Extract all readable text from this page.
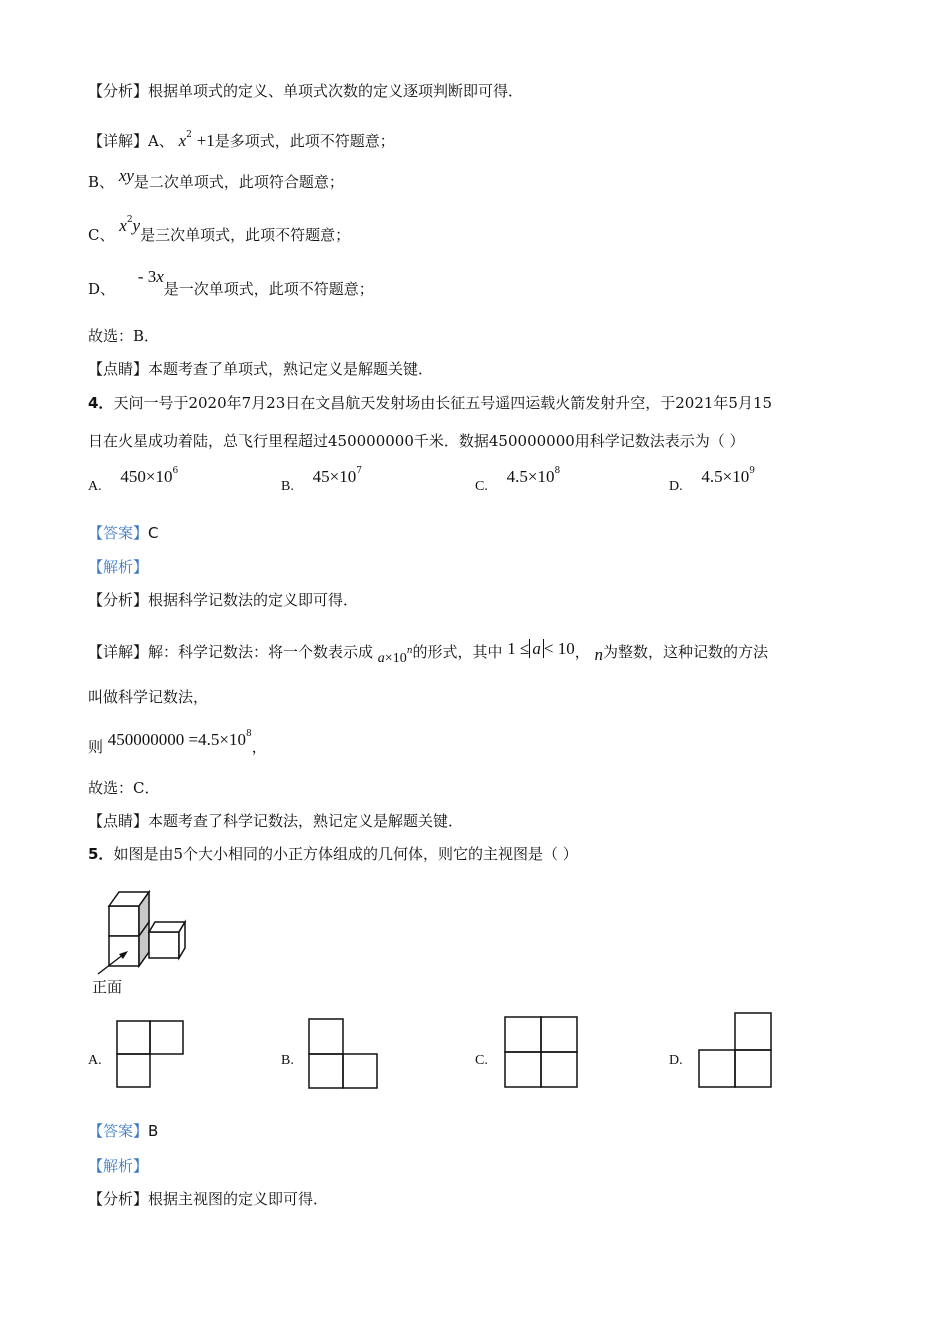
【分析】根据单项式的定义、单项式次数的定义逐项判断即可得．
【详解】A、 $x^2 +1$是多项式，此项不符题意；
B、 xy是二次单项式，此项符合题意；
C、 $x^2y$是三次单项式，此项不符题意；
D、 - 3x是一次单项式，此项不符题意；
故选：B．
【点睛】本题考查了单项式，熟记定义是解题关键．
4．天问一号于2020年7月23日在文昌航天发射场由长征五号遥四运载火箭发射升空，于2021年5月15
日在火星成功着陆，总飞行里程超过450000000千米．数据450000000用科学记数法表示为（ ）
A. $450\times 10^6$
B. $45\times 10^7$
C. $4.5\times 10^8$
D. $4.5\times 10^9$
【答案】C
【解析】
【分析】根据科学记数法的定义即可得．
【详解】解：科学记数法：将一个数表示成 $a\times 10^n$的形式，其中 1 ≤ a < 10， n为整数，这种记数的方法
叫做科学记数法，
则 $450000000 =4.5\times 10^8$，
故选：C．
【点睛】本题考查了科学记数法，熟记定义是解题关键．
5．如图是由5个大小相同的小正方体组成的几何体，则它的主视图是（ ）
正面
A.	B.	C.	D.
【答案】B
【解析】
【分析】根据主视图的定义即可得．
